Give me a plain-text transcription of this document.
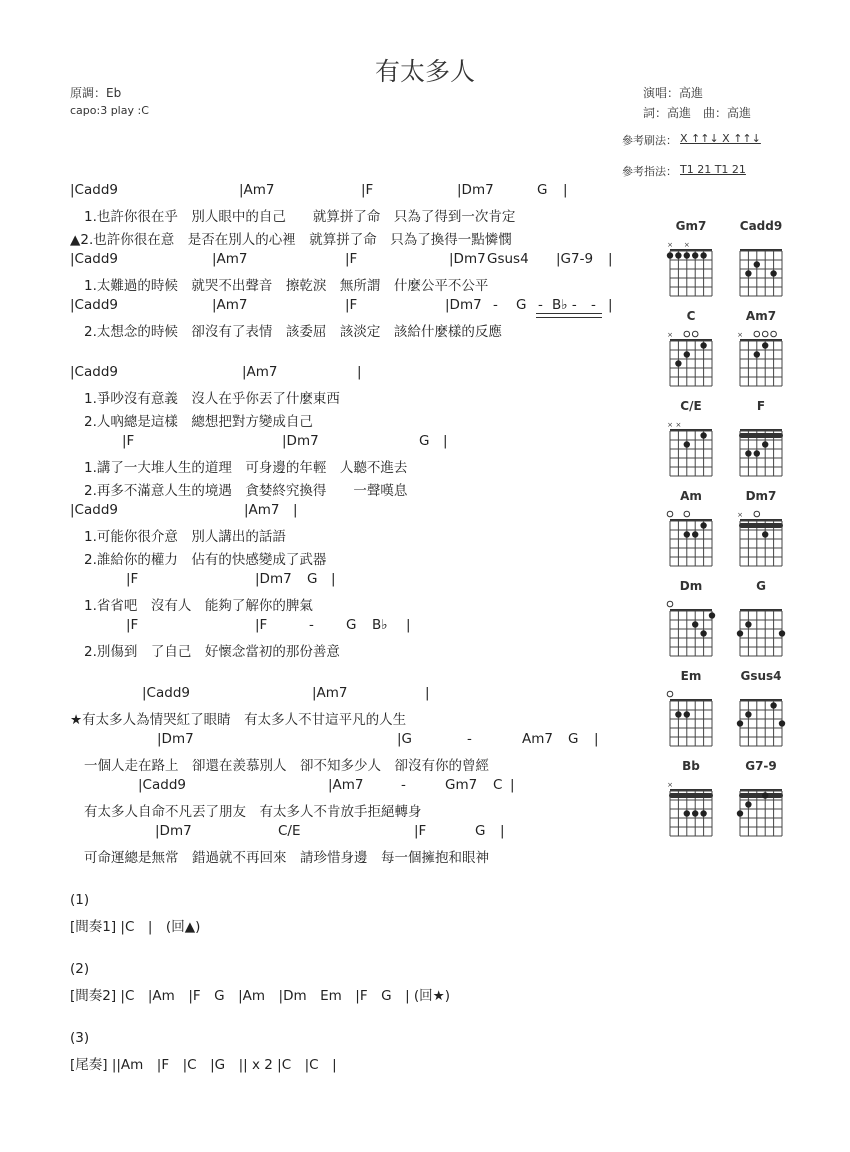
有太多人
原調：Eb
capo:3 play :C
演唱：高進
詞：高進　曲：高進
參考刷法： X ↑↑↓ X ↑↑↓
參考指法： T1 21 T1 21
|Cadd9	|Am7	|F	|Dm7	G |
1.也許你很在乎　別人眼中的自己　　就算拼了命　只為了得到一次肯定
▲2.也許你很在意　是否在別人的心裡　就算拼了命　只為了換得一點憐憫
|Cadd9	|Am7	|F	|Dm7 Gsus4 |G7-9 |
1.太難過的時候　就哭不出聲音　擦乾淚　無所謂　什麼公平不公平
|Cadd9	|Am7	|F	|Dm7 - G - B♭ - - |
2.太想念的時候　卻沒有了表情　該委屈　該淡定　該給什麼樣的反應
|Cadd9	|Am7	|
1.爭吵沒有意義　沒人在乎你丟了什麼東西
2.人吶總是這樣　總想把對方變成自己
|F	|Dm7	G |
1.講了一大堆人生的道理　可身邊的年輕　人聽不進去
2.再多不滿意人生的境遇　貪婪終究換得　　一聲嘆息
|Cadd9	|Am7 |
1.可能你很介意　別人講出的話語
2.誰給你的權力　佔有的快感變成了武器
|F	|Dm7 G |
1.省省吧　沒有人　能夠了解你的脾氣
|F	|F	- G B♭ |
2.別傷到　了自己　好懷念當初的那份善意
|Cadd9	|Am7	|
★有太多人為情哭紅了眼睛　有太多人不甘這平凡的人生
|Dm7	|G	-	Am7 G |
一個人走在路上　卻還在羨慕別人　卻不知多少人　卻沒有你的曾經
|Cadd9	|Am7	-	Gm7 C |
有太多人自命不凡丟了朋友　有太多人不肯放手拒絕轉身
|Dm7	C/E	|F	G |
可命運總是無常　錯過就不再回來　請珍惜身邊　每一個擁抱和眼神
(1)
[間奏1] |C　|　(回▲)
(2)
[間奏2] |C　|Am　|F　G　|Am　|Dm　Em　|F　G　| (回★)
(3)
[尾奏] ||Am　|F　|C　|G　|| x 2 |C　|C　|
Gm7
× ×
Cadd9
C
×
Am7
×
C/E
× ×
F
Am	Dm7
×
Dm	G
Em	Gsus4
Bb
×
G7-9
